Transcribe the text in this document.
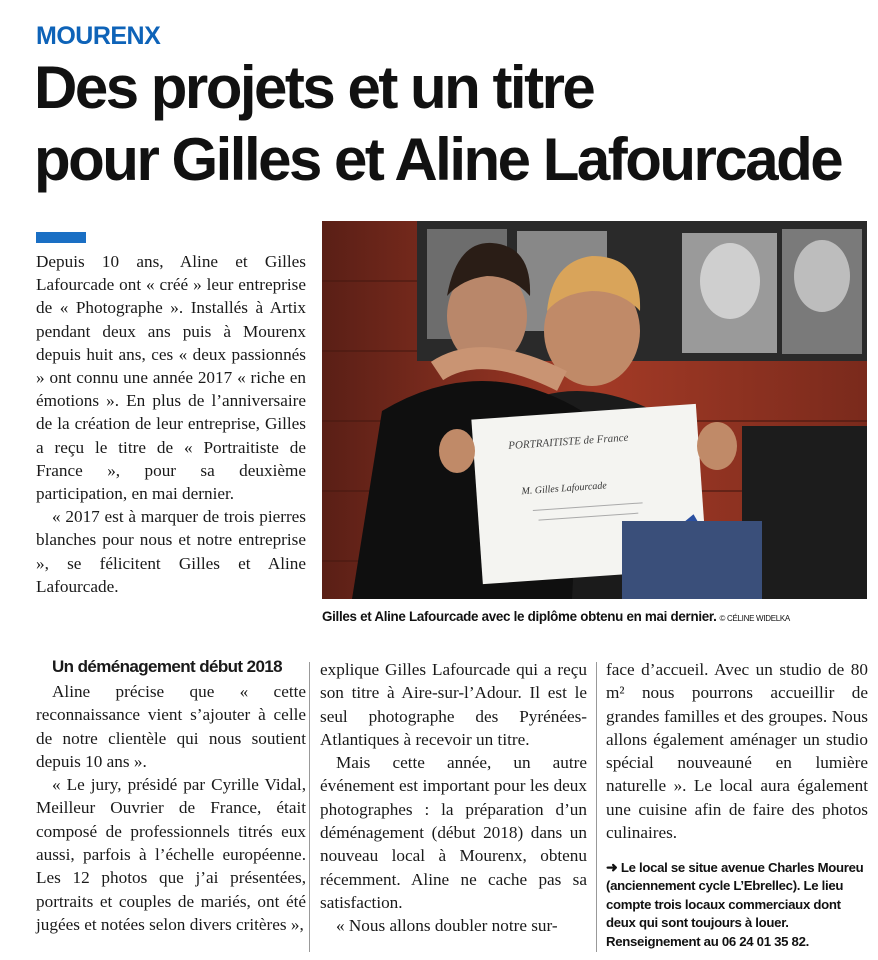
MOURENX
Des projets et un titre
pour Gilles et Aline Lafourcade

Depuis 10 ans, Aline et Gilles Lafourcade ont « créé » leur entreprise de « Photographe ». Installés à Artix pendant deux ans puis à Mourenx depuis huit ans, ces « deux passionnés » ont connu une année 2017 « riche en émotions ». En plus de l’anniversaire de la création de leur entreprise, Gilles a reçu le titre de « Portraitiste de France », pour sa deuxième participation, en mai dernier.

« 2017 est à marquer de trois pierres blanches pour nous et notre entreprise », se félicitent Gilles et Aline Lafourcade.

PORTRAITISTE de France
M. Gilles Lafourcade
Gilles et Aline Lafourcade avec le diplôme obtenu en mai dernier. © CÉLINE WIDELKA
Un déménagement début 2018

Aline précise que « cette reconnaissance vient s’ajouter à celle de notre clientèle qui nous soutient depuis 10 ans ».

« Le jury, présidé par Cyrille Vidal, Meilleur Ouvrier de France, était composé de professionnels titrés eux aussi, parfois à l’échelle européenne. Les 12 photos que j’ai présentées, portraits et couples de mariés, ont été jugées et notées selon divers critères »,

explique Gilles Lafourcade qui a reçu son titre à Aire-sur-l’Adour. Il est le seul photographe des Pyrénées-Atlantiques à recevoir un titre.

Mais cette année, un autre événement est important pour les deux photographes : la préparation d’un déménagement (début 2018) dans un nouveau local à Mourenx, obtenu récemment. Aline ne cache pas sa satisfaction.

« Nous allons doubler notre sur-

face d’accueil. Avec un studio de 80 m² nous pourrons accueillir de grandes familles et des groupes. Nous allons également aménager un studio spécial nouveauné en lumière naturelle ». Le local aura également une cuisine afin de faire des photos culinaires.

➜ Le local se situe avenue Charles Moureu (anciennement cycle L’Ebrellec). Le lieu compte trois locaux commerciaux dont deux qui sont toujours à louer. Renseignement au 06 24 01 35 82.
